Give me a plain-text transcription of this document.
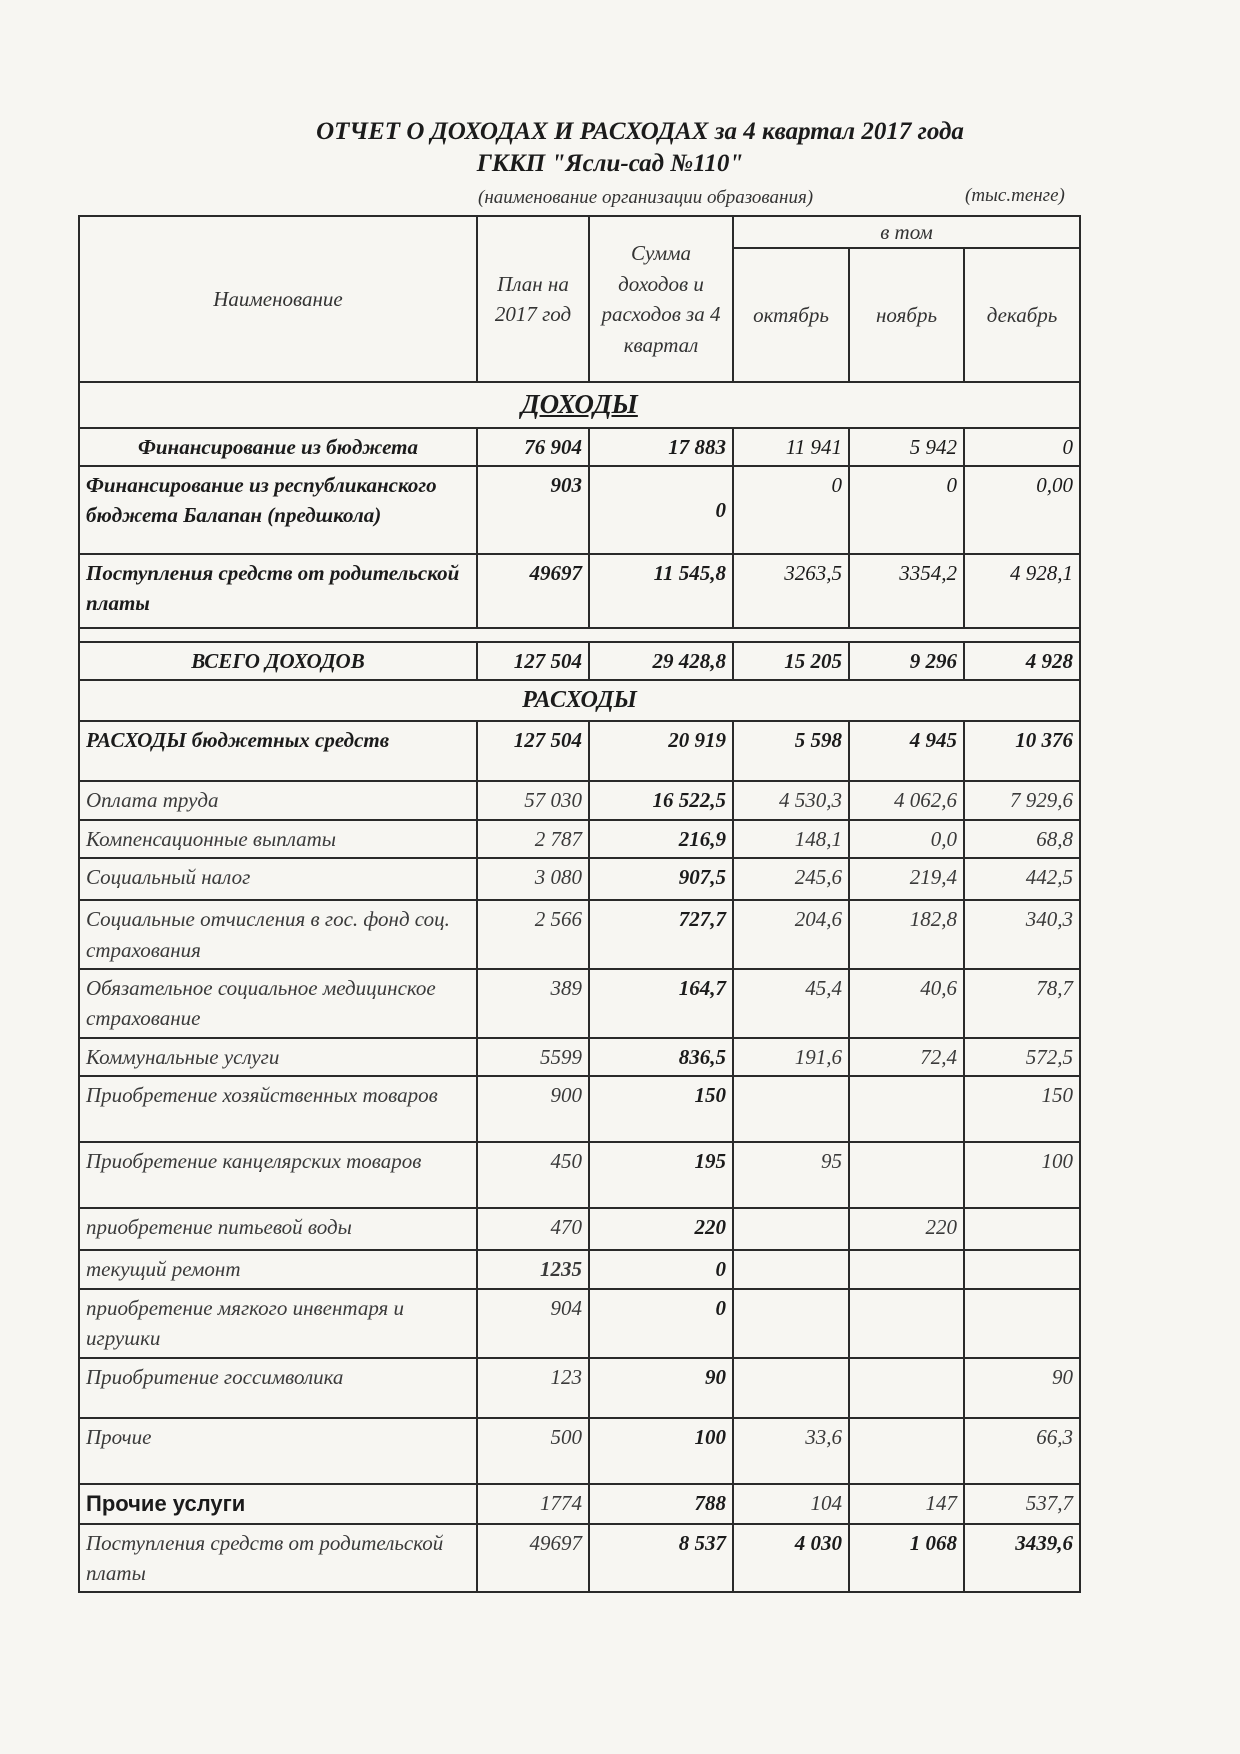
ОТЧЕТ О ДОХОДАХ И РАСХОДАХ за 4 квартал 2017 года
ГККП "Ясли-сад №110"
(наименование организации образования)	(тыс.тенге)
Наименование	План на 2017 год	Сумма доходов и расходов за 4 квартал	в том		
			октябрь	ноябрь	декабрь
ДОХОДЫ					
Финансирование из бюджета	76 904	17 883	11 941	5 942	0
Финансирование из республиканского бюджета Балапан (предшкола)	903	0	0	0	0,00
Поступления средств от родительской платы	49697	11 545,8	3263,5	3354,2	4 928,1

ВСЕГО ДОХОДОВ	127 504	29 428,8	15 205	9 296	4 928
РАСХОДЫ					
РАСХОДЫ бюджетных средств	127 504	20 919	5 598	4 945	10 376
Оплата труда	57 030	16 522,5	4 530,3	4 062,6	7 929,6
Компенсационные выплаты	2 787	216,9	148,1	0,0	68,8
Социальный налог	3 080	907,5	245,6	219,4	442,5
Социальные отчисления в гос. фонд соц. страхования	2 566	727,7	204,6	182,8	340,3
Обязательное социальное медицинское страхование	389	164,7	45,4	40,6	78,7
Коммунальные услуги	5599	836,5	191,6	72,4	572,5
Приобретение хозяйственных товаров	900	150			150
Приобретение канцелярских товаров	450	195	95		100
приобретение питьевой воды	470	220		220	
текущий ремонт	1235	0			
приобретение мягкого инвентаря и игрушки	904	0			
Приобритение госсимволика	123	90			90
Прочие	500	100	33,6		66,3
Прочие услуги	1774	788	104	147	537,7
Поступления средств от родительской платы	49697	8 537	4 030	1 068	3439,6
